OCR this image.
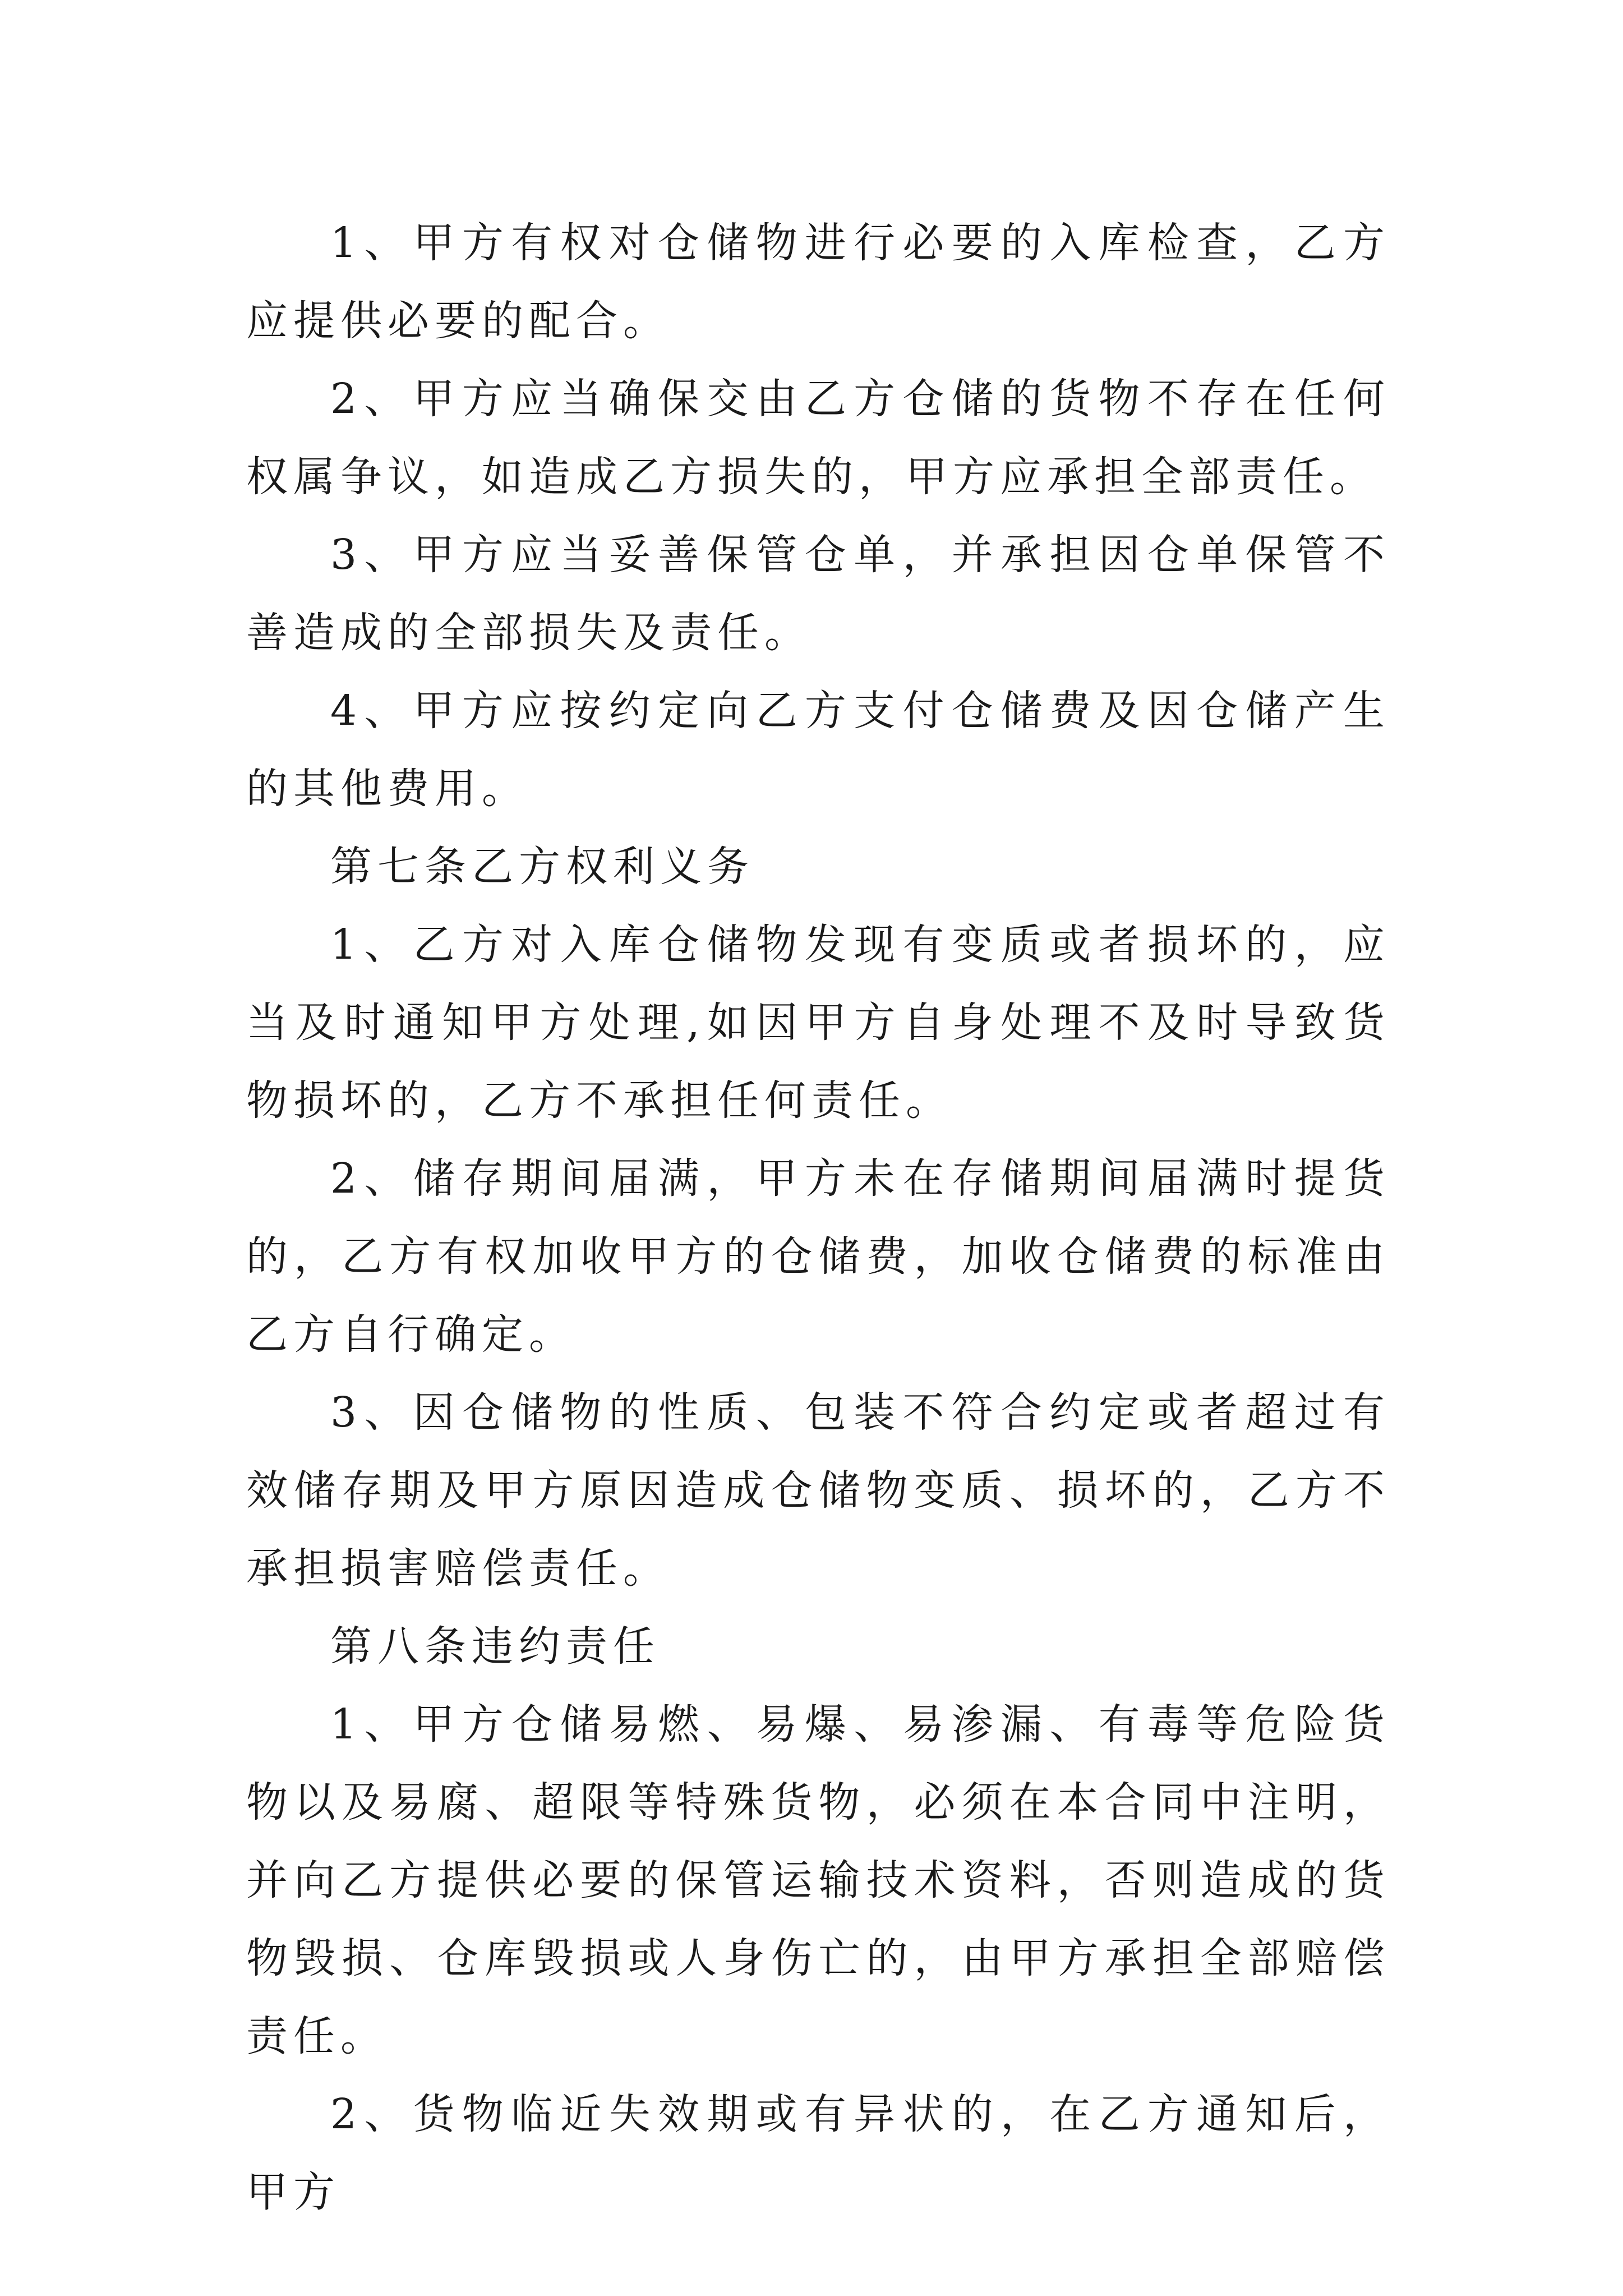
1、甲方有权对仓储物进行必要的入库检查，乙方应提供必要的配合。

2、甲方应当确保交由乙方仓储的货物不存在任何权属争议，如造成乙方损失的，甲方应承担全部责任。

3、甲方应当妥善保管仓单，并承担因仓单保管不善造成的全部损失及责任。

4、甲方应按约定向乙方支付仓储费及因仓储产生的其他费用。

第七条乙方权利义务

1、乙方对入库仓储物发现有变质或者损坏的，应当及时通知甲方处理,如因甲方自身处理不及时导致货物损坏的，乙方不承担任何责任。

2、储存期间届满，甲方未在存储期间届满时提货的，乙方有权加收甲方的仓储费，加收仓储费的标准由乙方自行确定。

3、因仓储物的性质、包装不符合约定或者超过有效储存期及甲方原因造成仓储物变质、损坏的，乙方不承担损害赔偿责任。

第八条违约责任

1、甲方仓储易燃、易爆、易渗漏、有毒等危险货物以及易腐、超限等特殊货物，必须在本合同中注明，并向乙方提供必要的保管运输技术资料，否则造成的货物毁损、仓库毁损或人身伤亡的，由甲方承担全部赔偿责任。

2、货物临近失效期或有异状的，在乙方通知后，甲方
